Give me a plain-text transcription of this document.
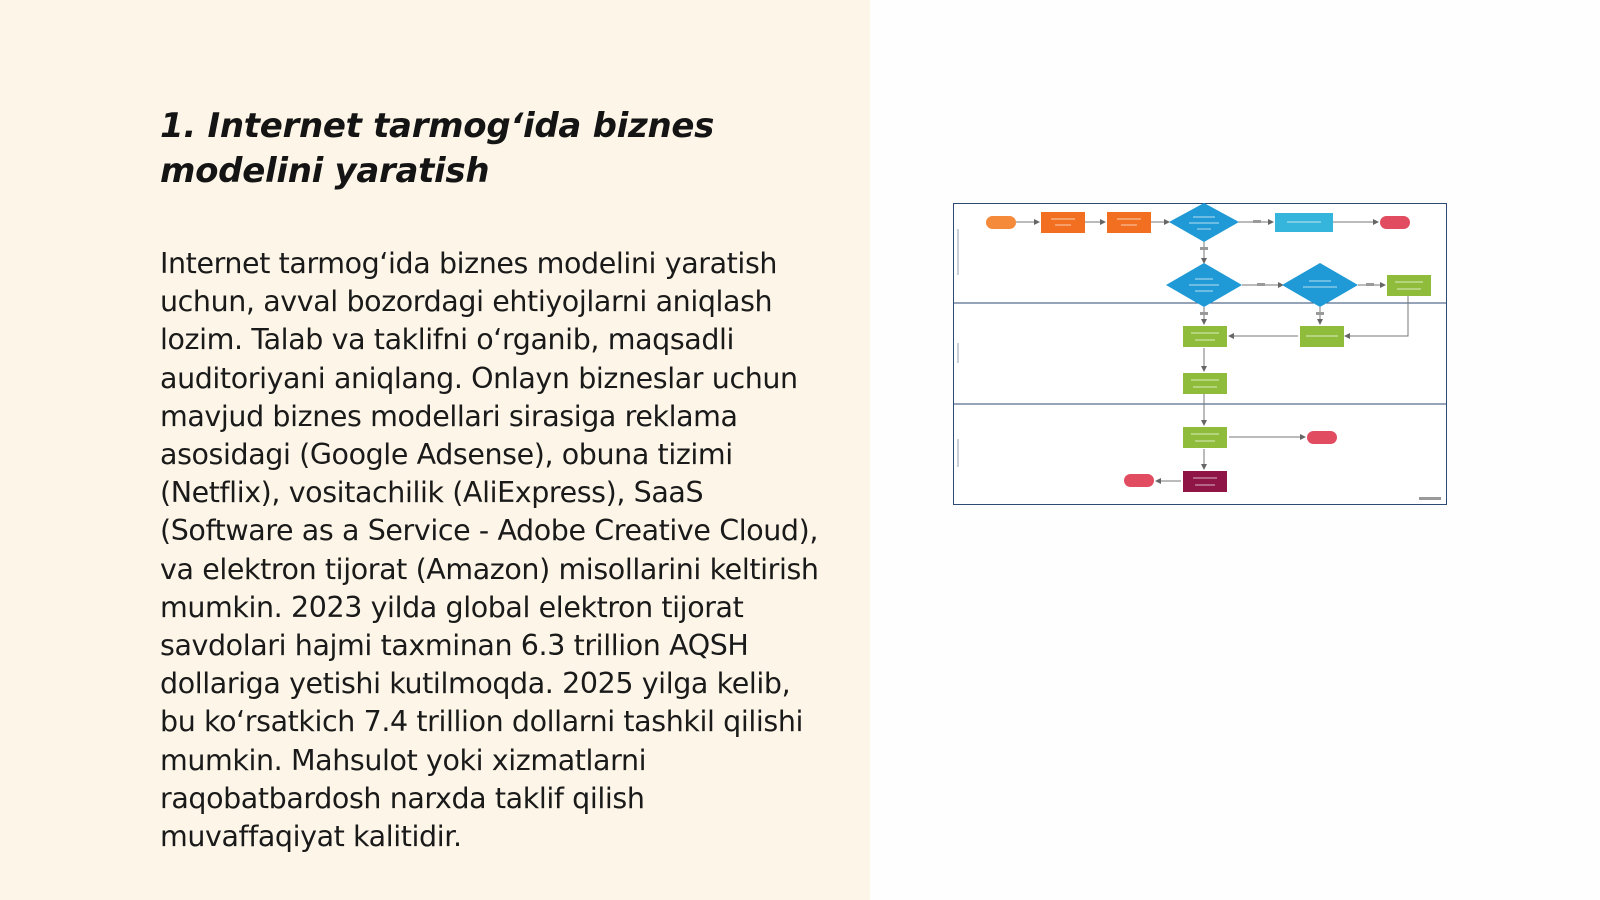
1. Internet tarmog‘ida biznes modelini yaratish

Internet tarmog‘ida biznes modelini yaratish uchun, avval bozordagi ehtiyojlarni aniqlash lozim. Talab va taklifni o‘rganib, maqsadli auditoriyani aniqlang. Onlayn bizneslar uchun mavjud biznes modellari sirasiga reklama asosidagi (Google Adsense), obuna tizimi (Netflix), vositachilik (AliExpress), SaaS (Software as a Service - Adobe Creative Cloud), va elektron tijorat (Amazon) misollarini keltirish mumkin. 2023 yilda global elektron tijorat savdolari hajmi taxminan 6.3 trillion AQSH dollariga yetishi kutilmoqda. 2025 yilga kelib, bu ko‘rsatkich 7.4 trillion dollarni tashkil qilishi mumkin. Mahsulot yoki xizmatlarni raqobatbardosh narxda taklif qilish muvaffaqiyat kalitidir.
